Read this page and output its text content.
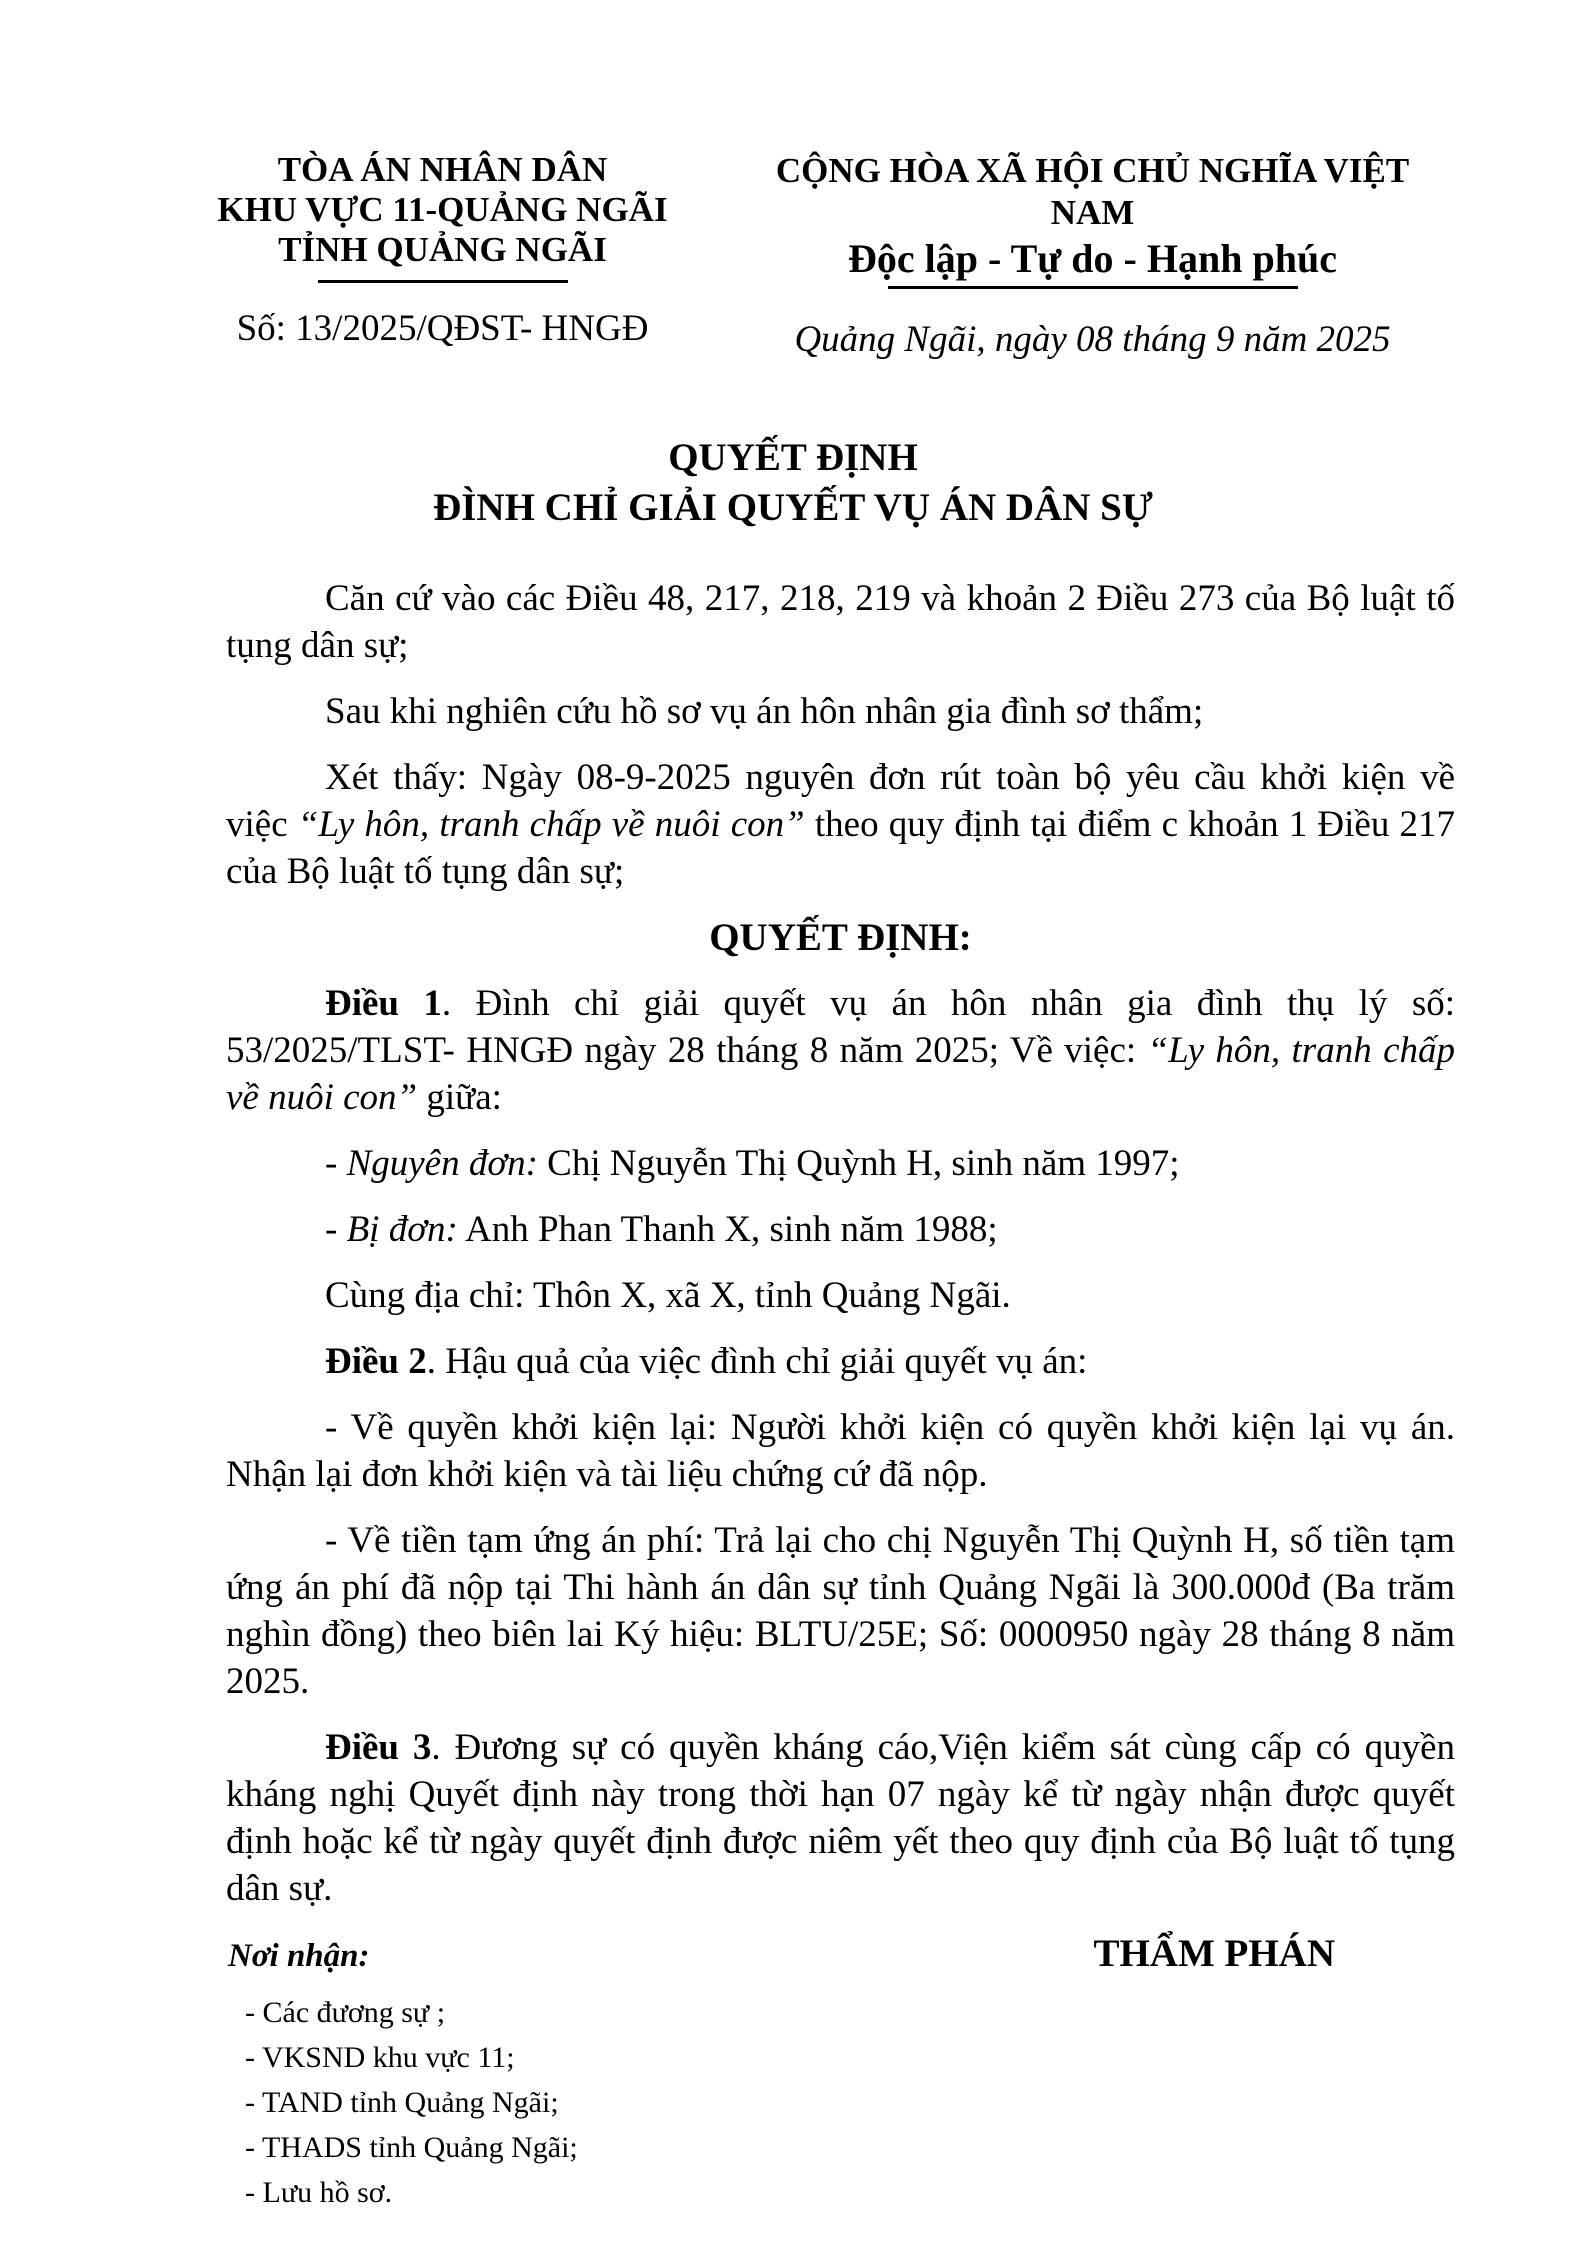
TÒA ÁN NHÂN DÂN
KHU VỰC 11-QUẢNG NGÃI
TỈNH QUẢNG NGÃI
Số: 13/2025/QĐST- HNGĐ
CỘNG HÒA XÃ HỘI CHỦ NGHĨA VIỆT NAM
Độc lập - Tự do - Hạnh phúc
Quảng Ngãi, ngày 08 tháng 9 năm 2025
QUYẾT ĐỊNH
ĐÌNH CHỈ GIẢI QUYẾT VỤ ÁN DÂN SỰ

Căn cứ vào các Điều 48, 217, 218, 219 và khoản 2 Điều 273 của Bộ luật tố tụng dân sự;

Sau khi nghiên cứu hồ sơ vụ án hôn nhân gia đình sơ thẩm;

Xét thấy: Ngày 08-9-2025 nguyên đơn rút toàn bộ yêu cầu khởi kiện về việc “Ly hôn, tranh chấp về nuôi con” theo quy định tại điểm c khoản 1 Điều 217 của Bộ luật tố tụng dân sự;

QUYẾT ĐỊNH:

Điều 1. Đình chỉ giải quyết vụ án hôn nhân gia đình thụ lý số: 53/2025/TLST- HNGĐ ngày 28 tháng 8 năm 2025; Về việc: “Ly hôn, tranh chấp về nuôi con” giữa:

- Nguyên đơn: Chị Nguyễn Thị Quỳnh H, sinh năm 1997;

- Bị đơn: Anh Phan Thanh X, sinh năm 1988;

Cùng địa chỉ: Thôn X, xã X, tỉnh Quảng Ngãi.

Điều 2. Hậu quả của việc đình chỉ giải quyết vụ án:

- Về quyền khởi kiện lại: Người khởi kiện có quyền khởi kiện lại vụ án. Nhận lại đơn khởi kiện và tài liệu chứng cứ đã nộp.

- Về tiền tạm ứng án phí: Trả lại cho chị Nguyễn Thị Quỳnh H, số tiền tạm ứng án phí đã nộp tại Thi hành án dân sự tỉnh Quảng Ngãi là 300.000đ (Ba trăm nghìn đồng) theo biên lai Ký hiệu: BLTU/25E; Số: 0000950 ngày 28 tháng 8 năm 2025.

Điều 3. Đương sự có quyền kháng cáo,Viện kiểm sát cùng cấp có quyền kháng nghị Quyết định này trong thời hạn 07 ngày kể từ ngày nhận được quyết định hoặc kể từ ngày quyết định được niêm yết theo quy định của Bộ luật tố tụng dân sự.

Nơi nhận:	THẨM PHÁN
- Các đương sự ;
- VKSND khu vực 11;
- TAND tỉnh Quảng Ngãi;
- THADS tỉnh Quảng Ngãi;
- Lưu hồ sơ.
